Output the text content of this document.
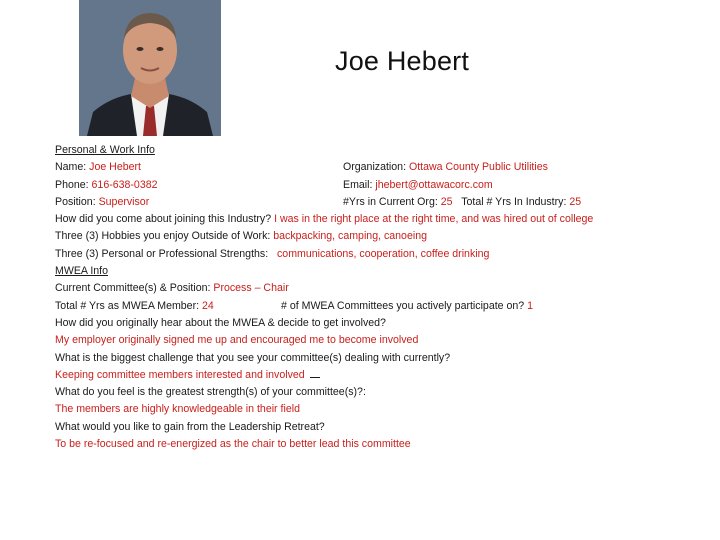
Joe Hebert
Personal & Work Info
Name: Joe Hebert	Organization: Ottawa County Public Utilities
Phone: 616-638-0382	Email: jhebert@ottawacorc.com
Position: Supervisor	#Yrs in Current Org: 25 Total # Yrs In Industry: 25
How did you come about joining this Industry? I was in the right place at the right time, and was hired out of college
Three (3) Hobbies you enjoy Outside of Work: backpacking, camping, canoeing
Three (3) Personal or Professional Strengths: communications, cooperation, coffee drinking
MWEA Info
Current Committee(s) & Position: Process – Chair
Total # Yrs as MWEA Member: 24	# of MWEA Committees you actively participate on? 1
How did you originally hear about the MWEA & decide to get involved?
My employer originally signed me up and encouraged me to become involved
What is the biggest challenge that you see your committee(s) dealing with currently?
Keeping committee members interested and involved
What do you feel is the greatest strength(s) of your committee(s)?:
The members are highly knowledgeable in their field
What would you like to gain from the Leadership Retreat?
To be re-focused and re-energized as the chair to better lead this committee
